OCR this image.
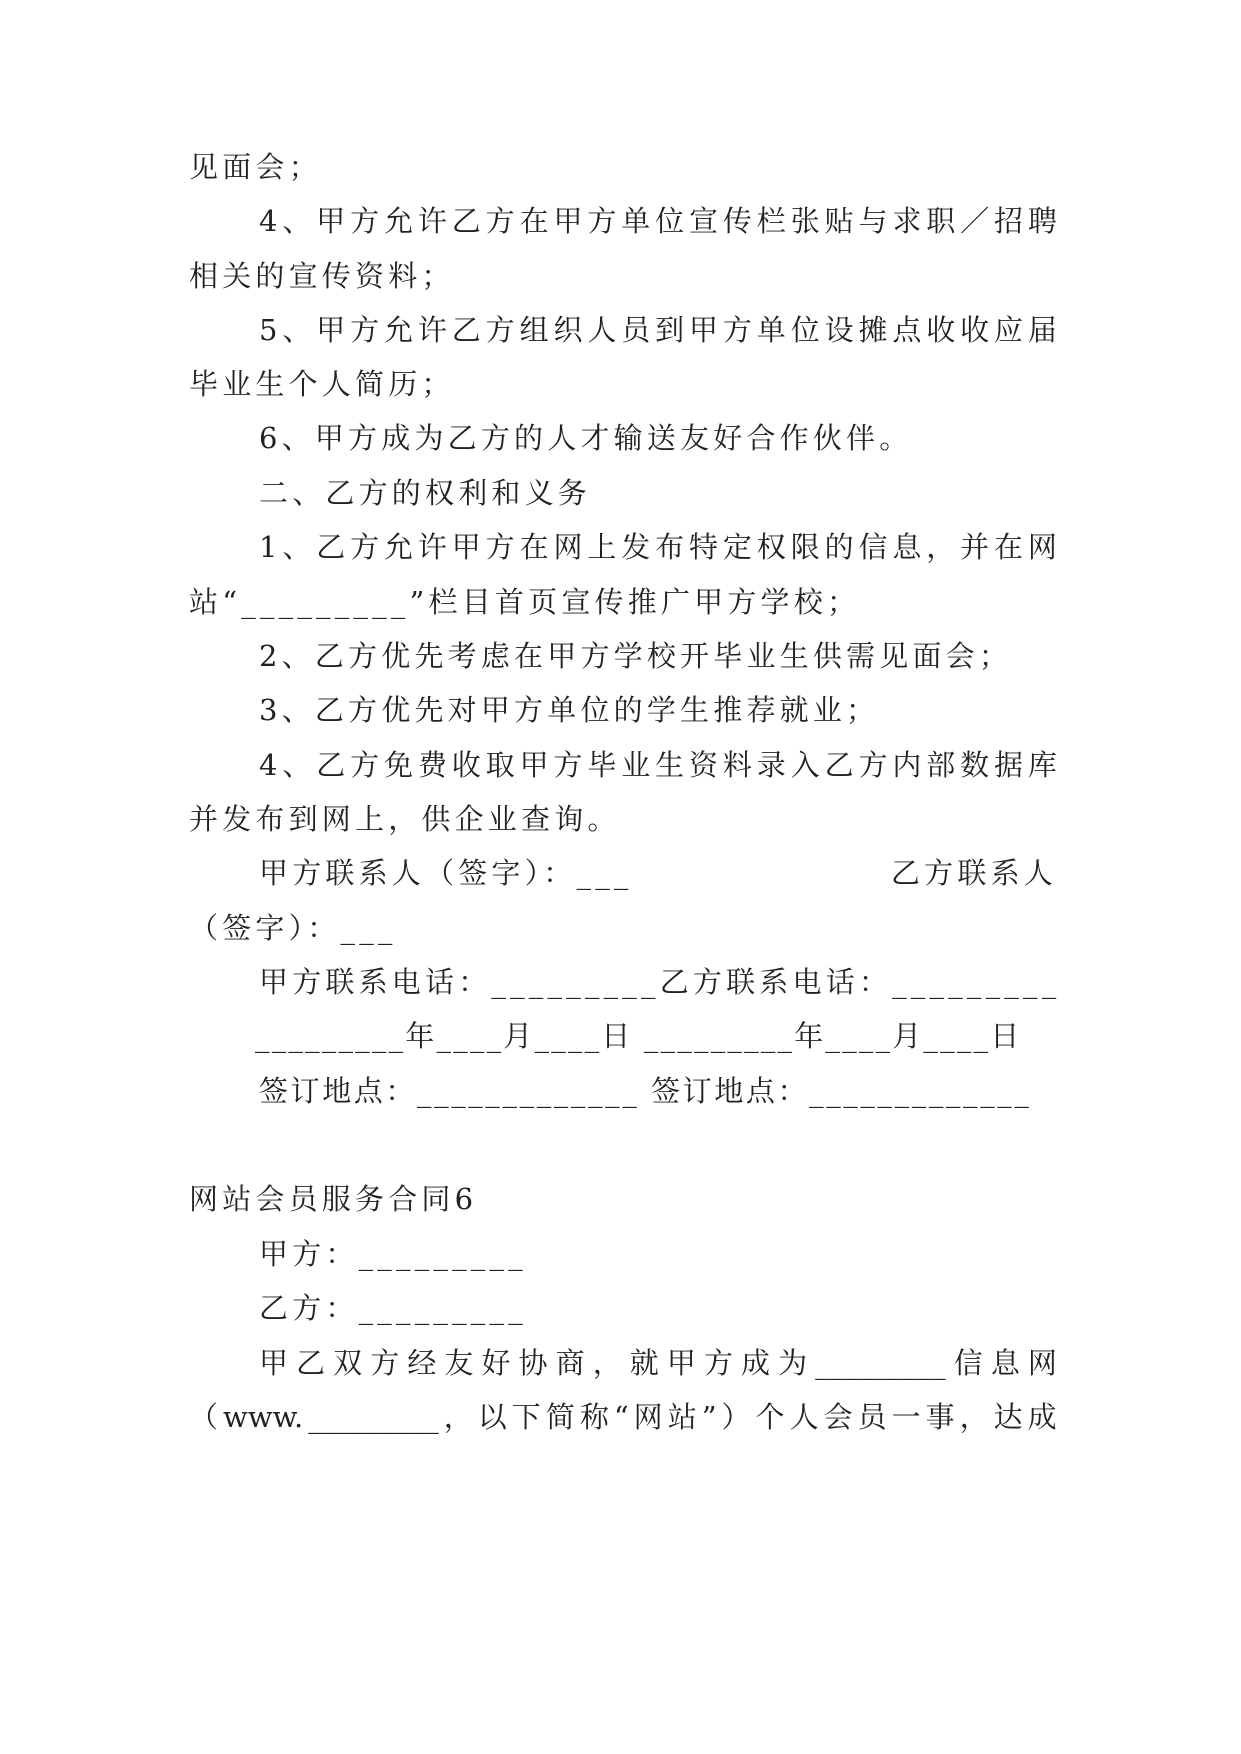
见面会；
4 、 甲 方 允 许 乙 方 在 甲 方 单 位 宣 传 栏 张 贴 与 求 职 ／ 招 聘
相关的宣传资料；
5 、 甲 方 允 许 乙 方 组 织 人 员 到 甲 方 单 位 设 摊 点 收 收 应 届
毕业生个人简历；
6、甲方成为乙方的人才输送友好合作伙伴。
二、乙方的权利和义务
1 、 乙 方 允 许 甲 方 在 网 上 发 布 特 定 权 限 的 信 息 ， 并 在 网
站“_________”栏目首页宣传推广甲方学校；
2、乙方优先考虑在甲方学校开毕业生供需见面会；
3、乙方优先对甲方单位的学生推荐就业；
4 、 乙 方 免 费 收 取 甲 方 毕 业 生 资 料 录 入 乙 方 内 部 数 据 库
并发布到网上，供企业查询。
甲方联系人（签字）：___	乙方联系人
（签字）：___
甲方联系电话：_________乙方联系电话：_________
_________年____月____日 _________年____月____日
签订地点：_____________ 签订地点：_____________
网站会员服务合同6
甲方：_________
乙方：_________
甲 乙 双 方 经 友 好 协 商 ， 就 甲 方 成 为 _________ 信 息 网
（ www. _________ ， 以 下 简 称 “ 网 站 ” ） 个 人 会 员 一 事 ， 达 成
